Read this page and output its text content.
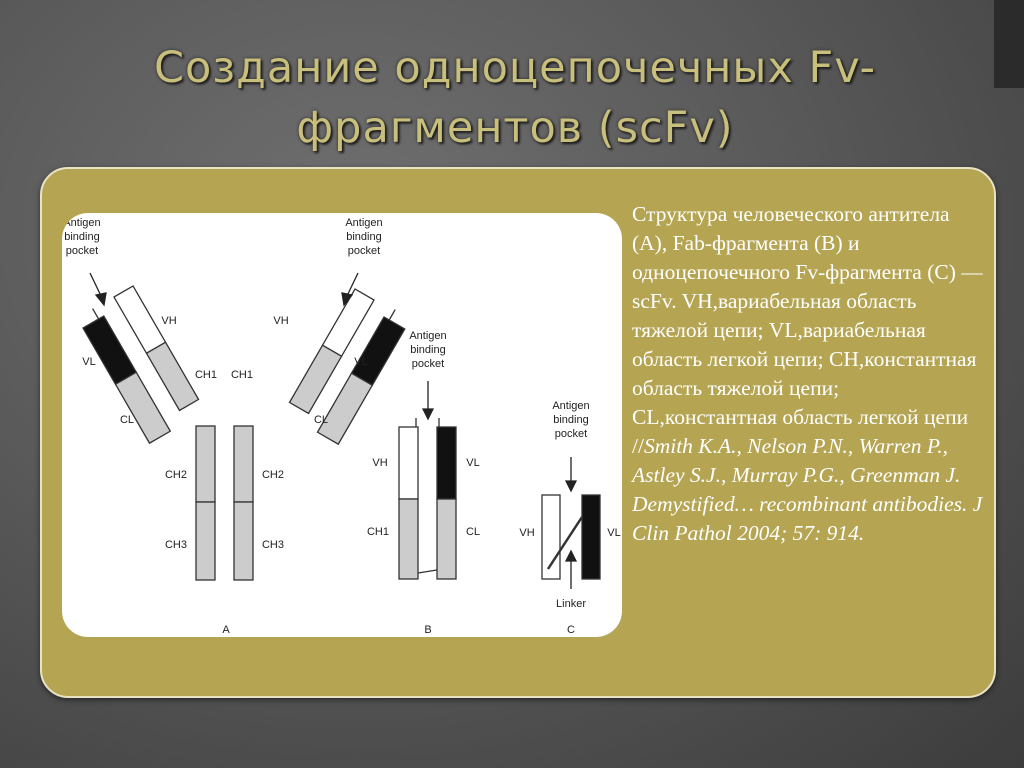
Создание одноцепочечных Fv-
фрагментов (scFv)
Antigen
binding
pocket
Antigen
binding
pocket
VH	VH
VL	VL
CH1 CH1
CL	CL
CH2	CH2
CH3	CH3
Antigen
binding
pocket
VH	VL
CH1	CL
Antigen
binding
pocket
VH	VL
Linker
A	B	C
Структура человеческого антитела (А), Fab-фрагмента (В) и одноцепочечного Fv-фрагмента (С) —scFv. VH,вариабельная область тяжелой цепи; VL,вариабельная область легкой цепи; CH,константная область тяжелой цепи; CL,константная область легкой цепи //Smith K.A., Nelson P.N., Warren P., Astley S.J., Murray P.G., Greenman J. Demystified… recombinant antibodies. J Clin Pathol 2004; 57: 914.
